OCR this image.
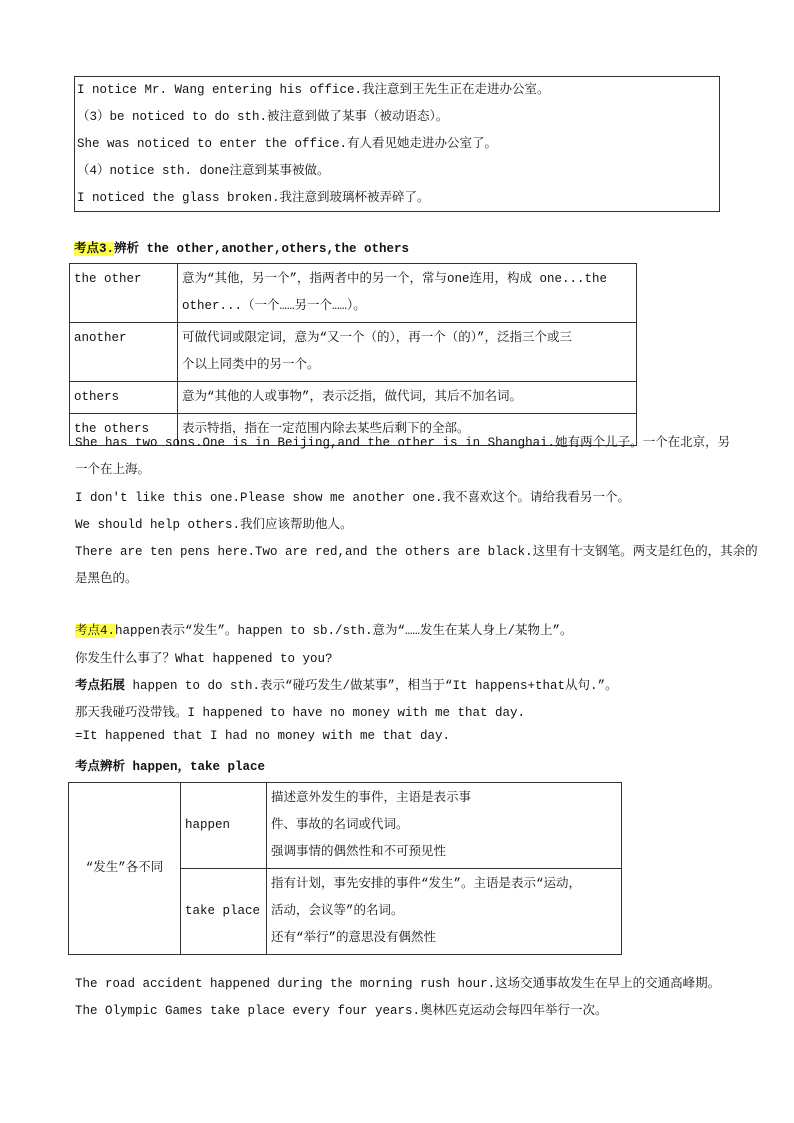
I notice Mr. Wang entering his office.我注意到王先生正在走进办公室。
（3）be noticed to do sth.被注意到做了某事（被动语态）。
She was noticed to enter the office.有人看见她走进办公室了。
（4）notice sth. done注意到某事被做。
I noticed the glass broken.我注意到玻璃杯被弄碎了。
考点3.辨析 the other,another,others,the others
the other	意为“其他，另一个”，指两者中的另一个，常与one连用，构成 one...the
other...（一个……另一个……）。
another	可做代词或限定词，意为“又一个（的），再一个（的）”，泛指三个或三
个以上同类中的另一个。
others	意为“其他的人或事物”，表示泛指，做代词，其后不加名词。
the others	表示特指，指在一定范围内除去某些后剩下的全部。
She has two sons.One is in Beijing,and the other is in Shanghai.她有两个儿子。一个在北京，另
一个在上海。
I don't like this one.Please show me another one.我不喜欢这个。请给我看另一个。
We should help others.我们应该帮助他人。
There are ten pens here.Two are red,and the others are black.这里有十支钢笔。两支是红色的，其余的
是黑色的。
考点4.happen表示“发生”。happen to sb./sth.意为“……发生在某人身上/某物上”。
你发生什么事了？What happened to you?
考点拓展 happen to do sth.表示“碰巧发生/做某事”，相当于“It happens+that从句.”。
那天我碰巧没带钱。I happened to have no money with me that day.
=It happened that I had no money with me that day.
考点辨析 happen，take place
“发生”各不同	happen	描述意外发生的事件，主语是表示事
件、事故的名词或代词。
强调事情的偶然性和不可预见性
	take place	指有计划，事先安排的事件“发生”。主语是表示“运动，
活动，会议等”的名词。
还有“举行”的意思没有偶然性
The road accident happened during the morning rush hour.这场交通事故发生在早上的交通高峰期。
The Olympic Games take place every four years.奥林匹克运动会每四年举行一次。
